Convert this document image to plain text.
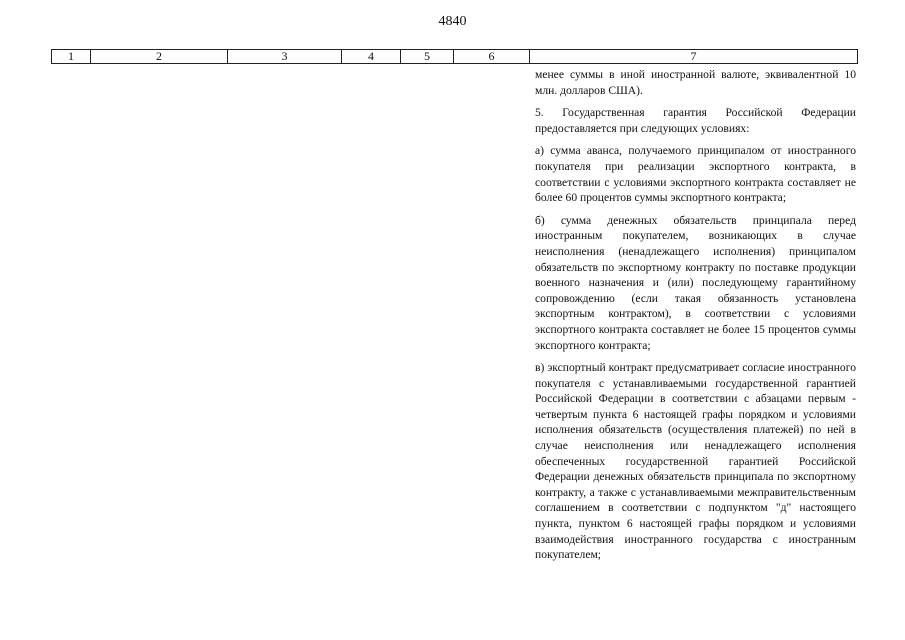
4840
1	2	3	4	5	6	7

менее суммы в иной иностранной валюте, эквивалентной 10 млн. долларов США).

5. Государственная гарантия Российской Федерации предоставляется при следующих условиях:

а) сумма аванса, получаемого принципалом от иностранного покупателя при реализации экспортного контракта, в соответствии с условиями экспортного контракта составляет не более 60 процентов суммы экспортного контракта;

б) сумма денежных обязательств принципала перед иностранным покупателем, возникающих в случае неисполнения (ненадлежащего исполнения) принципалом обязательств по экспортному контракту по поставке продукции военного назначения и (или) последующему гарантийному сопровождению (если такая обязанность установлена экспортным контрактом), в соответствии с условиями экспортного контракта составляет не более 15 процентов суммы экспортного контракта;

в) экспортный контракт предусматривает согласие иностранного покупателя с устанавливаемыми государственной гарантией Российской Федерации в соответствии с абзацами первым - четвертым пункта 6 настоящей графы порядком и условиями исполнения обязательств (осуществления платежей) по ней в случае неисполнения или ненадлежащего исполнения обеспеченных государственной гарантией Российской Федерации денежных обязательств принципала по экспортному контракту, а также с устанавливаемыми межправительственным соглашением в соответствии с подпунктом "д" настоящего пункта, пунктом 6 настоящей графы порядком и условиями взаимодействия иностранного государства с иностранным покупателем;
